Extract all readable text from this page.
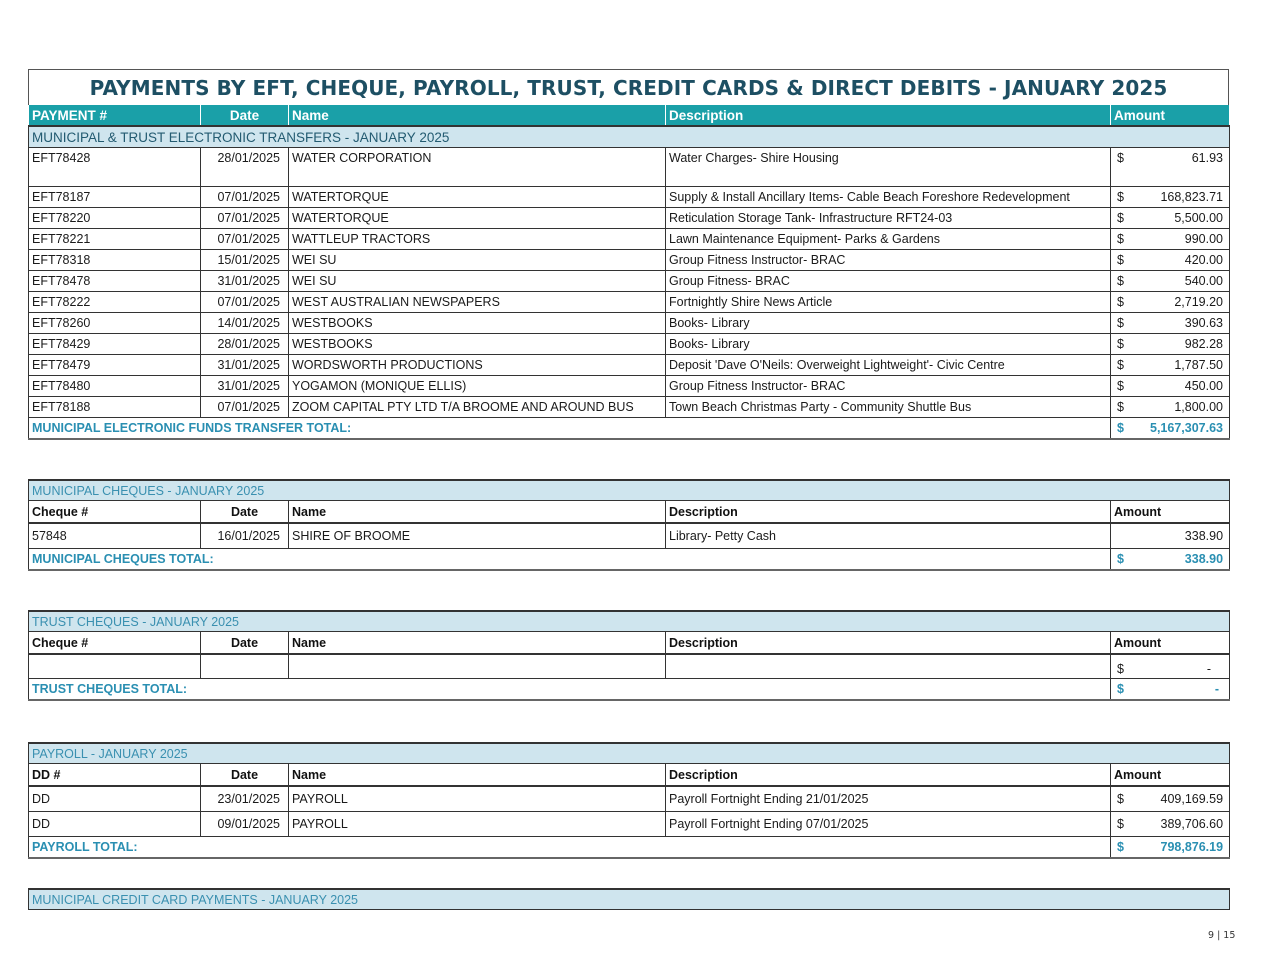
PAYMENTS BY EFT, CHEQUE, PAYROLL, TRUST, CREDIT CARDS & DIRECT DEBITS - JANUARY 2025
PAYMENT #	Date	Name	Description	Amount
MUNICIPAL & TRUST ELECTRONIC TRANSFERS - JANUARY 2025				
EFT78428	28/01/2025	WATER CORPORATION	Water Charges- Shire Housing	$ 61.93

EFT78187	07/01/2025	WATERTORQUE	Supply & Install Ancillary Items- Cable Beach Foreshore Redevelopment	$ 168,823.71

EFT78220	07/01/2025	WATERTORQUE	Reticulation Storage Tank- Infrastructure RFT24-03	$ 5,500.00

EFT78221	07/01/2025	WATTLEUP TRACTORS	Lawn Maintenance Equipment- Parks & Gardens	$ 990.00

EFT78318	15/01/2025	WEI SU	Group Fitness Instructor- BRAC	$ 420.00

EFT78478	31/01/2025	WEI SU	Group Fitness- BRAC	$ 540.00

EFT78222	07/01/2025	WEST AUSTRALIAN NEWSPAPERS	Fortnightly Shire News Article	$ 2,719.20

EFT78260	14/01/2025	WESTBOOKS	Books- Library	$ 390.63

EFT78429	28/01/2025	WESTBOOKS	Books- Library	$ 982.28

EFT78479	31/01/2025	WORDSWORTH PRODUCTIONS	Deposit 'Dave O'Neils: Overweight Lightweight'- Civic Centre	$ 1,787.50

EFT78480	31/01/2025	YOGAMON (MONIQUE ELLIS)	Group Fitness Instructor- BRAC	$ 450.00

EFT78188	07/01/2025	ZOOM CAPITAL PTY LTD T/A BROOME AND AROUND BUS	Town Beach Christmas Party - Community Shuttle Bus	$ 1,800.00

MUNICIPAL ELECTRONIC FUNDS TRANSFER TOTAL:				$ 5,167,307.63
MUNICIPAL CHEQUES - JANUARY 2025				
Cheque #	Date	Name	Description	Amount
57848	16/01/2025	SHIRE OF BROOME	Library- Petty Cash	338.90

MUNICIPAL CHEQUES TOTAL:				$ 338.90
TRUST CHEQUES - JANUARY 2025				
Cheque #	Date	Name	Description	Amount

				$ -

TRUST CHEQUES TOTAL:				$ -
PAYROLL - JANUARY 2025				
DD #	Date	Name	Description	Amount
DD	23/01/2025	PAYROLL	Payroll Fortnight Ending 21/01/2025	$ 409,169.59

DD	09/01/2025	PAYROLL	Payroll Fortnight Ending 07/01/2025	$ 389,706.60

PAYROLL TOTAL:				$ 798,876.19
MUNICIPAL CREDIT CARD PAYMENTS - JANUARY 2025
9 | 15
